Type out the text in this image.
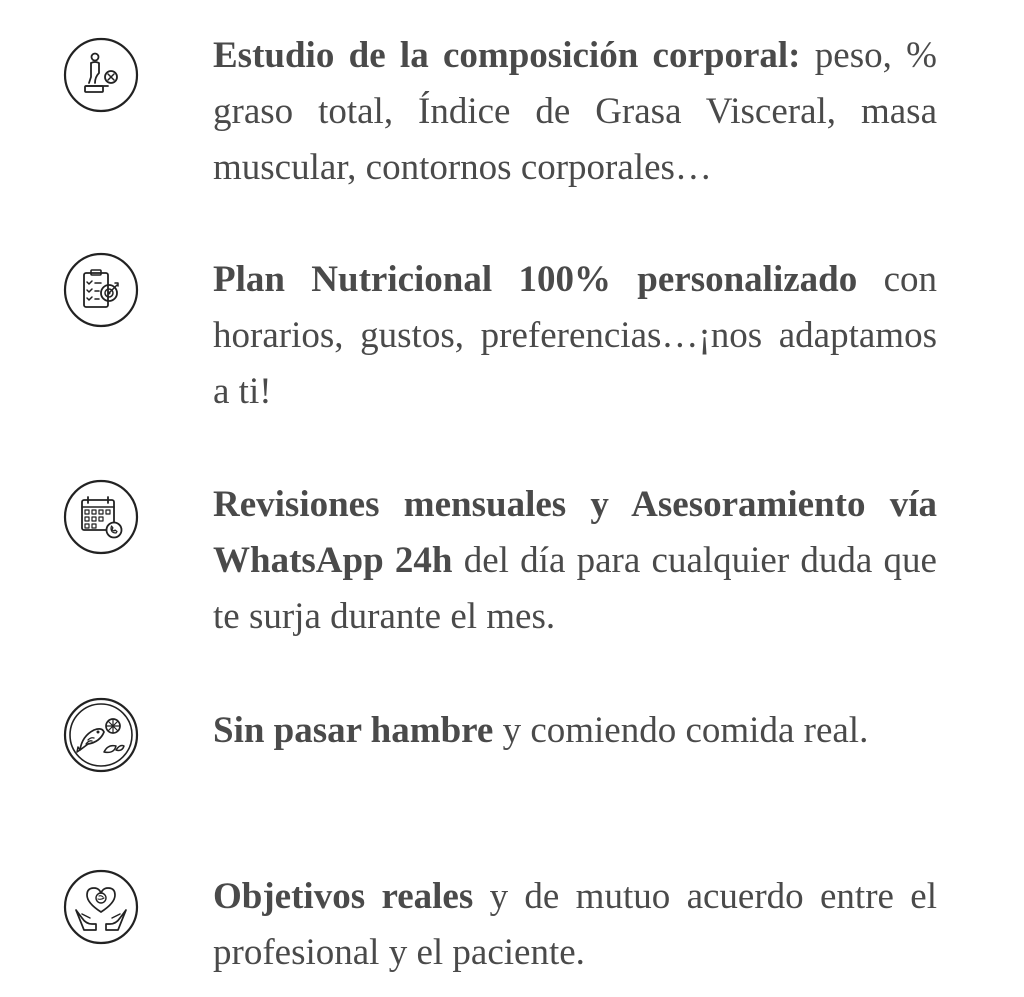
Estudio de la composición corporal: peso, % graso total, Índice de Grasa Visceral, masa muscular, contornos corporales…

Plan Nutricional 100% personalizado con horarios, gustos, preferencias…¡nos adaptamos a ti!

Revisiones mensuales y Asesoramiento vía WhatsApp 24h del día para cualquier duda que te surja durante el mes.

Sin pasar hambre y comiendo comida real.

Objetivos reales y de mutuo acuerdo entre el profesional y el paciente.
